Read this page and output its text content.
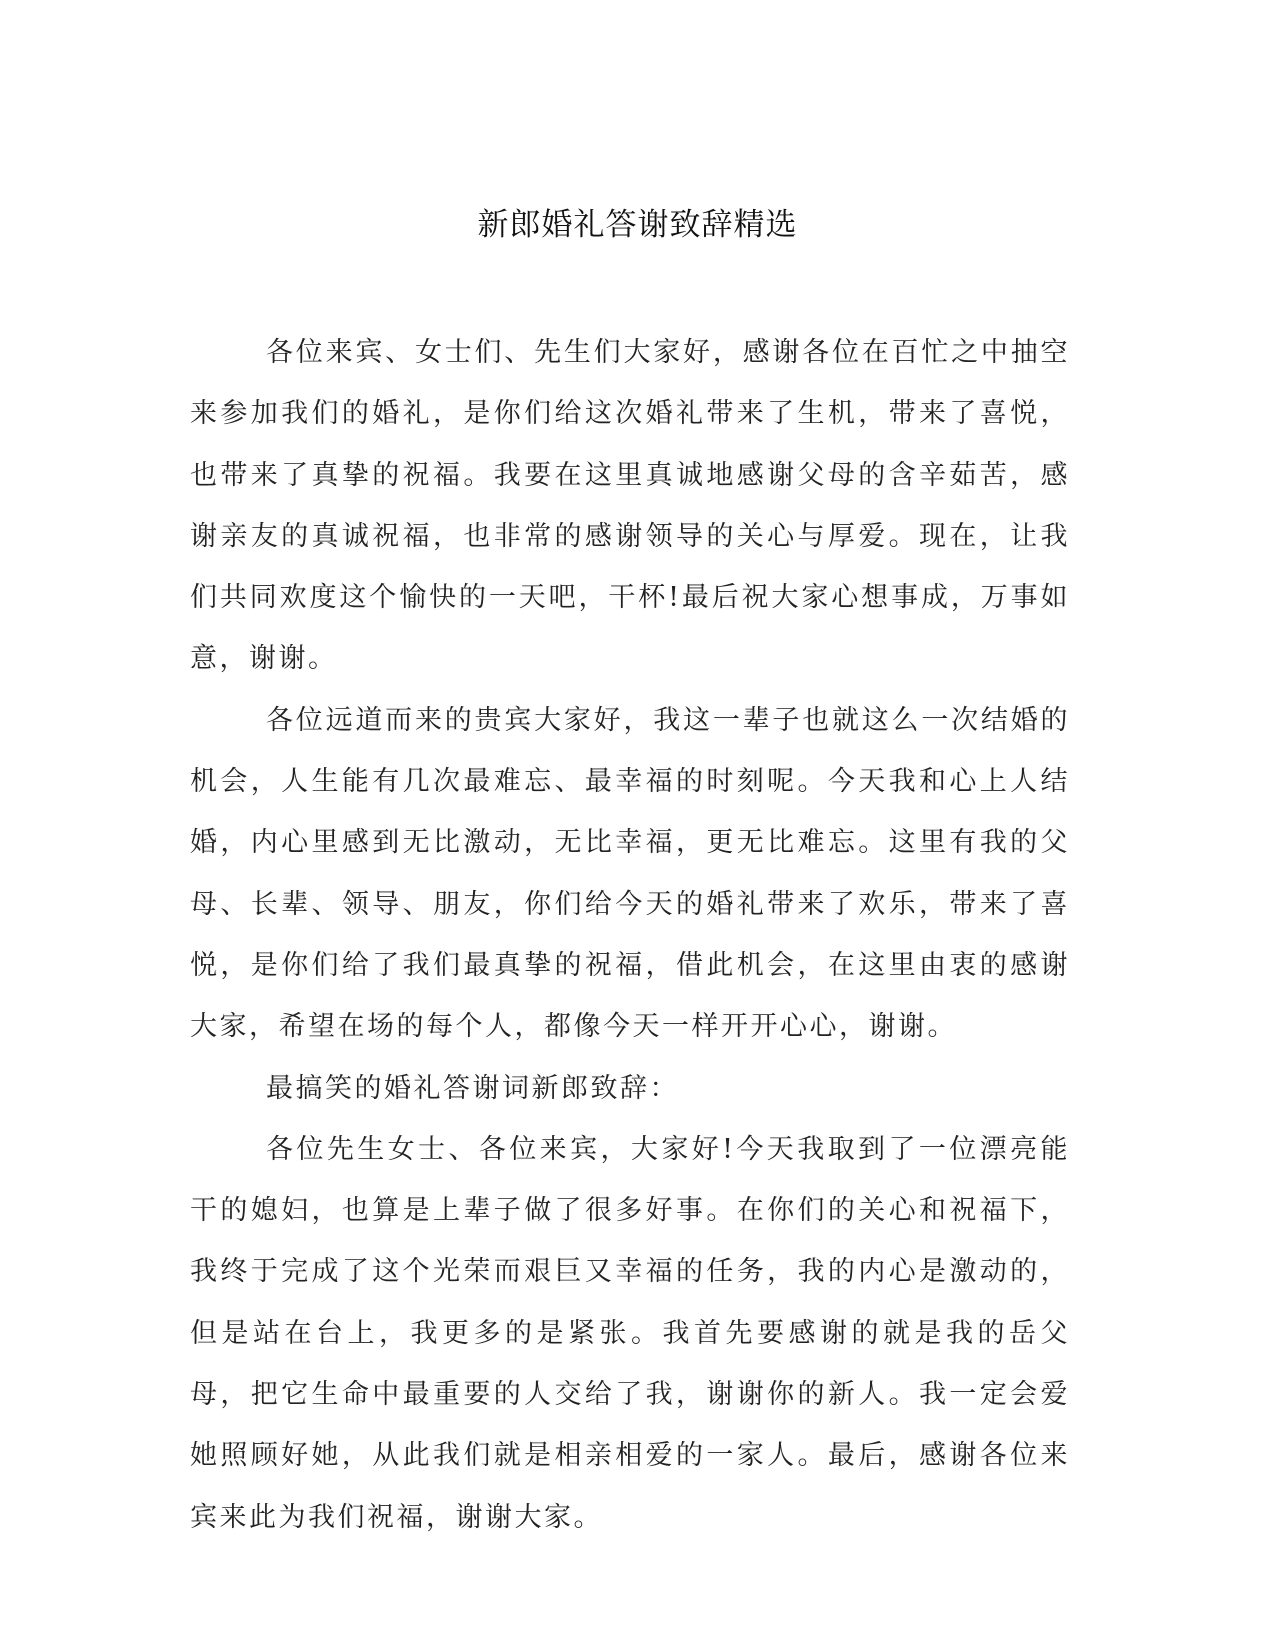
新郎婚礼答谢致辞精选

各位来宾、女士们、先生们大家好，感谢各位在百忙之中抽空来参加我们的婚礼，是你们给这次婚礼带来了生机，带来了喜悦，也带来了真挚的祝福。我要在这里真诚地感谢父母的含辛茹苦，感谢亲友的真诚祝福，也非常的感谢领导的关心与厚爱。现在，让我们共同欢度这个愉快的一天吧，干杯!最后祝大家心想事成，万事如意，谢谢。

各位远道而来的贵宾大家好，我这一辈子也就这么一次结婚的机会，人生能有几次最难忘、最幸福的时刻呢。今天我和心上人结婚，内心里感到无比激动，无比幸福，更无比难忘。这里有我的父母、长辈、领导、朋友，你们给今天的婚礼带来了欢乐，带来了喜悦，是你们给了我们最真挚的祝福，借此机会，在这里由衷的感谢大家，希望在场的每个人，都像今天一样开开心心，谢谢。

最搞笑的婚礼答谢词新郎致辞：

各位先生女士、各位来宾，大家好!今天我取到了一位漂亮能干的媳妇，也算是上辈子做了很多好事。在你们的关心和祝福下，我终于完成了这个光荣而艰巨又幸福的任务，我的内心是激动的，但是站在台上，我更多的是紧张。我首先要感谢的就是我的岳父母，把它生命中最重要的人交给了我，谢谢你的新人。我一定会爱她照顾好她，从此我们就是相亲相爱的一家人。最后，感谢各位来宾来此为我们祝福，谢谢大家。
